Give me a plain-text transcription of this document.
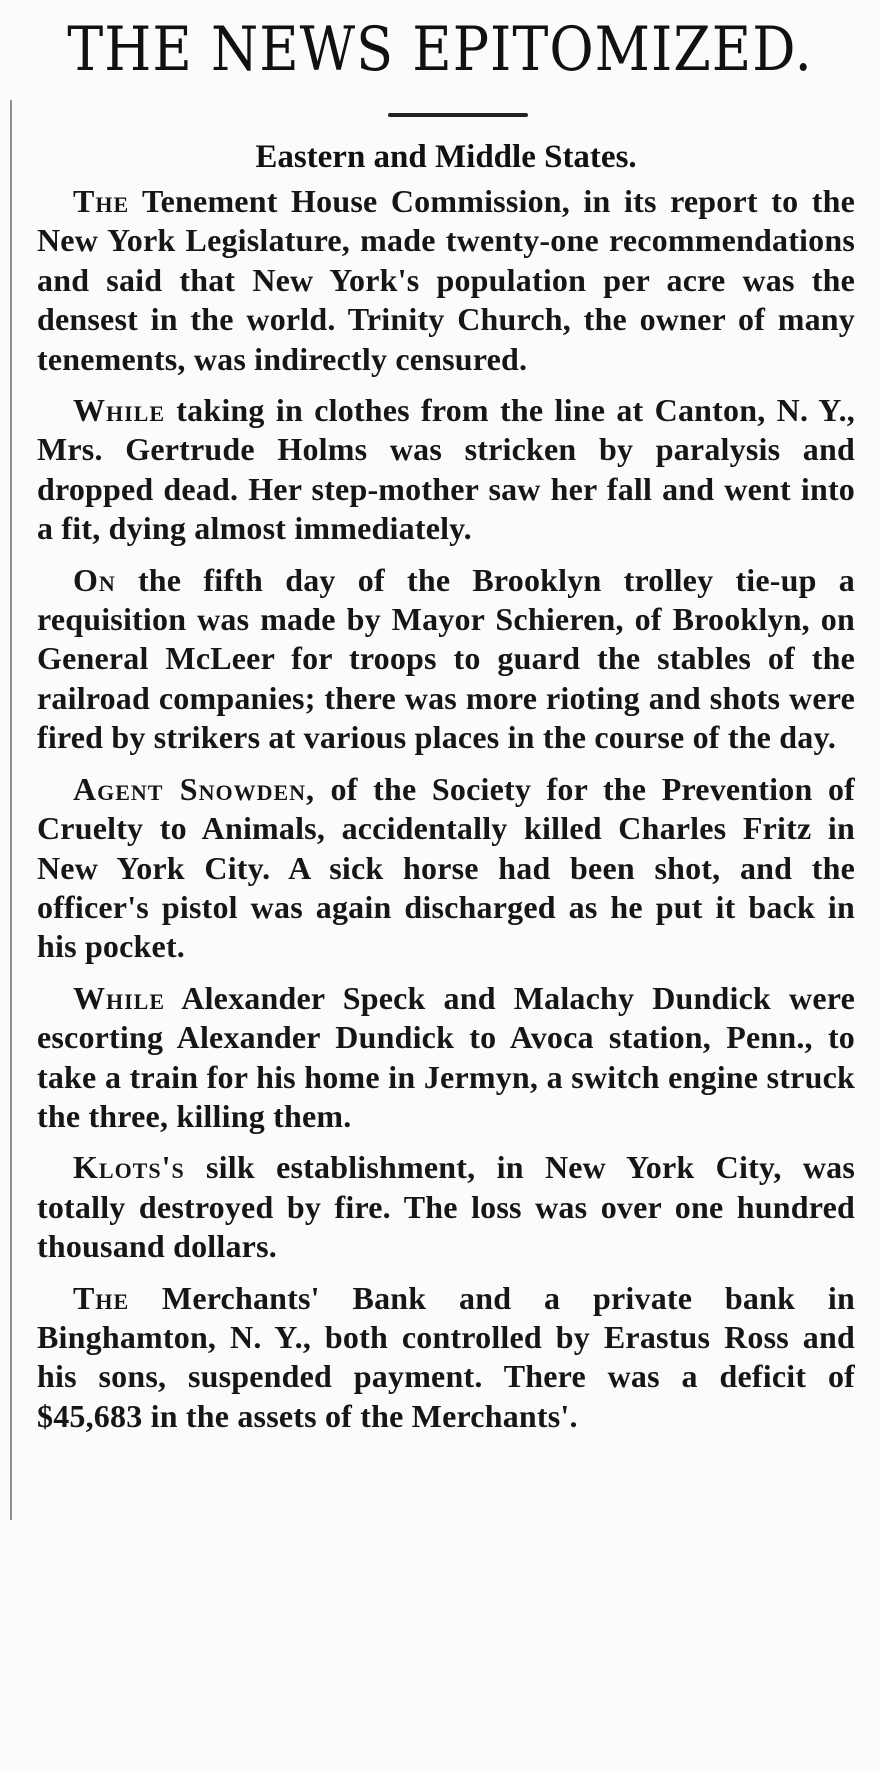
THE NEWS EPITOMIZED.
Eastern and Middle States.

The Tenement House Commission, in its report to the New York Legislature, made twenty-one recommendations and said that New York's population per acre was the densest in the world. Trinity Church, the owner of many tenements, was indirectly censured.

While taking in clothes from the line at Canton, N. Y., Mrs. Gertrude Holms was stricken by paralysis and dropped dead. Her step-mother saw her fall and went into a fit, dying almost immediately.

On the fifth day of the Brooklyn trolley tie-up a requisition was made by Mayor Schieren, of Brooklyn, on General McLeer for troops to guard the stables of the railroad companies; there was more rioting and shots were fired by strikers at various places in the course of the day.

Agent Snowden, of the Society for the Prevention of Cruelty to Animals, accidentally killed Charles Fritz in New York City. A sick horse had been shot, and the officer's pistol was again discharged as he put it back in his pocket.

While Alexander Speck and Malachy Dundick were escorting Alexander Dundick to Avoca station, Penn., to take a train for his home in Jermyn, a switch engine struck the three, killing them.

Klots's silk establishment, in New York City, was totally destroyed by fire. The loss was over one hundred thousand dollars.

The Merchants' Bank and a private bank in Binghamton, N. Y., both controlled by Erastus Ross and his sons, suspended payment. There was a deficit of $45,683 in the assets of the Merchants'.
